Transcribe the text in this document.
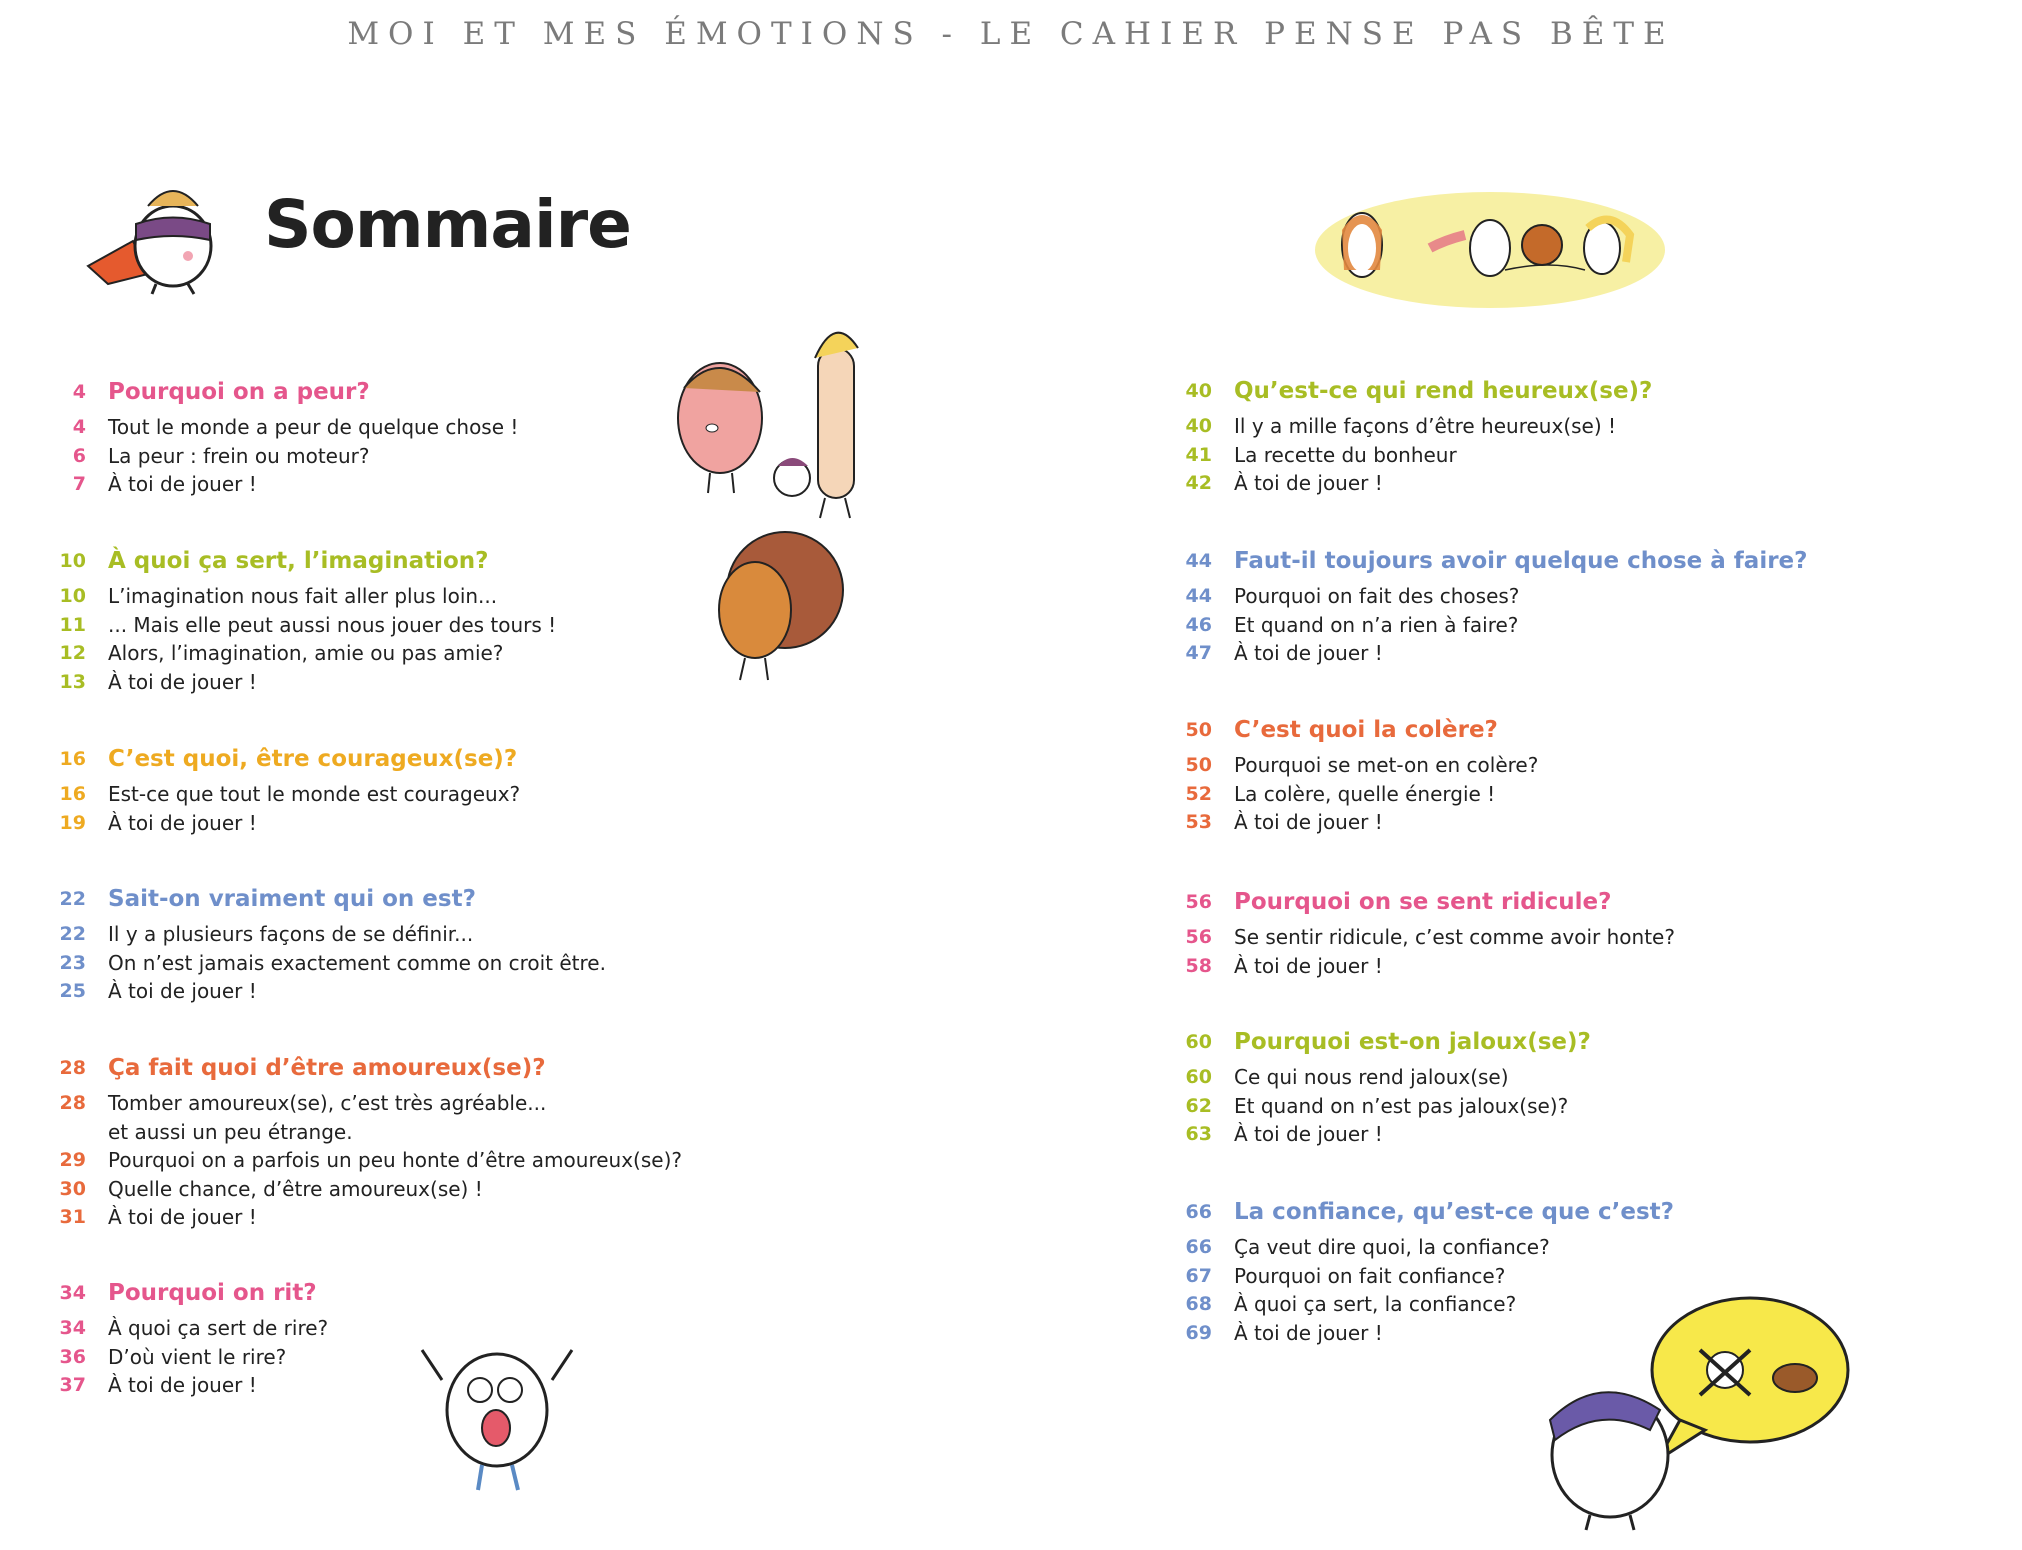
MOI ET MES ÉMOTIONS - LE CAHIER PENSE PAS BÊTE
Sommaire
4 Pourquoi on a peur?
4 Tout le monde a peur de quelque chose !
6 La peur : frein ou moteur?
7 À toi de jouer !
10 À quoi ça sert, l’imagination?
10 L’imagination nous fait aller plus loin...
11 ... Mais elle peut aussi nous jouer des tours !
12 Alors, l’imagination, amie ou pas amie?
13 À toi de jouer !
16 C’est quoi, être courageux(se)?
16 Est-ce que tout le monde est courageux?
19 À toi de jouer !
22 Sait-on vraiment qui on est?
22 Il y a plusieurs façons de se définir...
23 On n’est jamais exactement comme on croit être.
25 À toi de jouer !
28 Ça fait quoi d’être amoureux(se)?
28 Tomber amoureux(se), c’est très agréable...
et aussi un peu étrange.
29 Pourquoi on a parfois un peu honte d’être amoureux(se)?
30 Quelle chance, d’être amoureux(se) !
31 À toi de jouer !
34 Pourquoi on rit?
34 À quoi ça sert de rire?
36 D’où vient le rire?
37 À toi de jouer !
40 Qu’est-ce qui rend heureux(se)?
40 Il y a mille façons d’être heureux(se) !
41 La recette du bonheur
42 À toi de jouer !
44 Faut-il toujours avoir quelque chose à faire?
44 Pourquoi on fait des choses?
46 Et quand on n’a rien à faire?
47 À toi de jouer !
50 C’est quoi la colère?
50 Pourquoi se met-on en colère?
52 La colère, quelle énergie !
53 À toi de jouer !
56 Pourquoi on se sent ridicule?
56 Se sentir ridicule, c’est comme avoir honte?
58 À toi de jouer !
60 Pourquoi est-on jaloux(se)?
60 Ce qui nous rend jaloux(se)
62 Et quand on n’est pas jaloux(se)?
63 À toi de jouer !
66 La confiance, qu’est-ce que c’est?
66 Ça veut dire quoi, la confiance?
67 Pourquoi on fait confiance?
68 À quoi ça sert, la confiance?
69 À toi de jouer !
